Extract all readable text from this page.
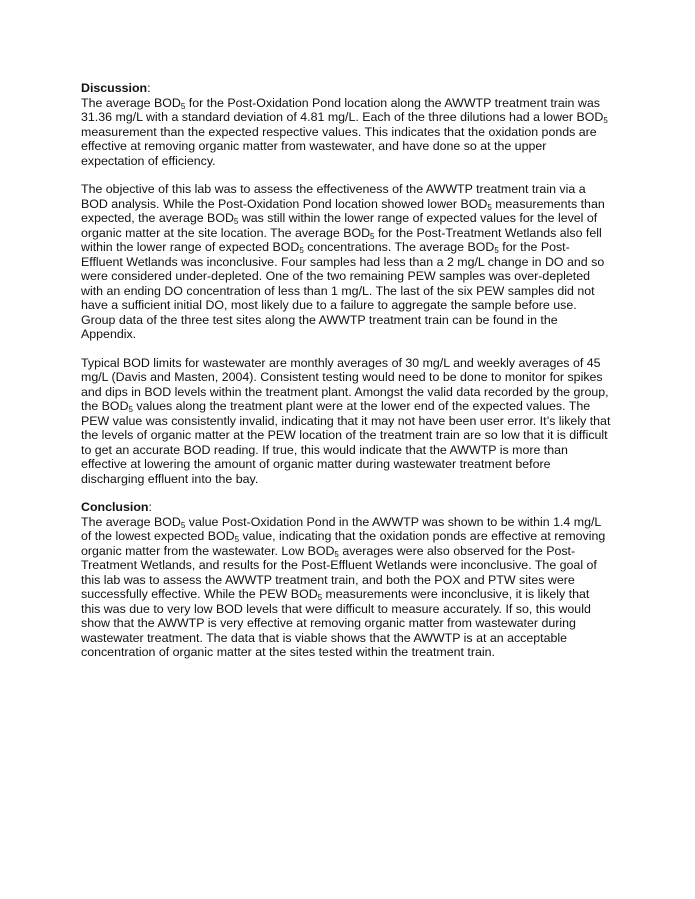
Discussion:

The average $BOD_5$ for the Post-Oxidation Pond location along the AWWTP treatment train was 31.36 mg/L with a standard deviation of 4.81 mg/L. Each of the three dilutions had a lower $BOD_5$ measurement than the expected respective values. This indicates that the oxidation ponds are effective at removing organic matter from wastewater, and have done so at the upper expectation of efficiency.

The objective of this lab was to assess the effectiveness of the AWWTP treatment train via a BOD analysis. While the Post-Oxidation Pond location showed lower $BOD_5$ measurements than expected, the average $BOD_5$ was still within the lower range of expected values for the level of organic matter at the site location. The average $BOD_5$ for the Post-Treatment Wetlands also fell within the lower range of expected $BOD_5$ concentrations. The average $BOD_5$ for the Post-Effluent Wetlands was inconclusive. Four samples had less than a 2 mg/L change in DO and so were considered under-depleted. One of the two remaining PEW samples was over-depleted with an ending DO concentration of less than 1 mg/L. The last of the six PEW samples did not have a sufficient initial DO, most likely due to a failure to aggregate the sample before use. Group data of the three test sites along the AWWTP treatment train can be found in the Appendix.

Typical BOD limits for wastewater are monthly averages of 30 mg/L and weekly averages of 45 mg/L (Davis and Masten, 2004). Consistent testing would need to be done to monitor for spikes and dips in BOD levels within the treatment plant. Amongst the valid data recorded by the group, the $BOD_5$ values along the treatment plant were at the lower end of the expected values. The PEW value was consistently invalid, indicating that it may not have been user error. It’s likely that the levels of organic matter at the PEW location of the treatment train are so low that it is difficult to get an accurate BOD reading. If true, this would indicate that the AWWTP is more than effective at lowering the amount of organic matter during wastewater treatment before discharging effluent into the bay.

Conclusion:

The average $BOD_5$ value Post-Oxidation Pond in the AWWTP was shown to be within 1.4 mg/L of the lowest expected $BOD_5$ value, indicating that the oxidation ponds are effective at removing organic matter from the wastewater. Low $BOD_5$ averages were also observed for the Post-Treatment Wetlands, and results for the Post-Effluent Wetlands were inconclusive. The goal of this lab was to assess the AWWTP treatment train, and both the POX and PTW sites were successfully effective. While the PEW $BOD_5$ measurements were inconclusive, it is likely that this was due to very low BOD levels that were difficult to measure accurately. If so, this would show that the AWWTP is very effective at removing organic matter from wastewater during wastewater treatment. The data that is viable shows that the AWWTP is at an acceptable concentration of organic matter at the sites tested within the treatment train.
